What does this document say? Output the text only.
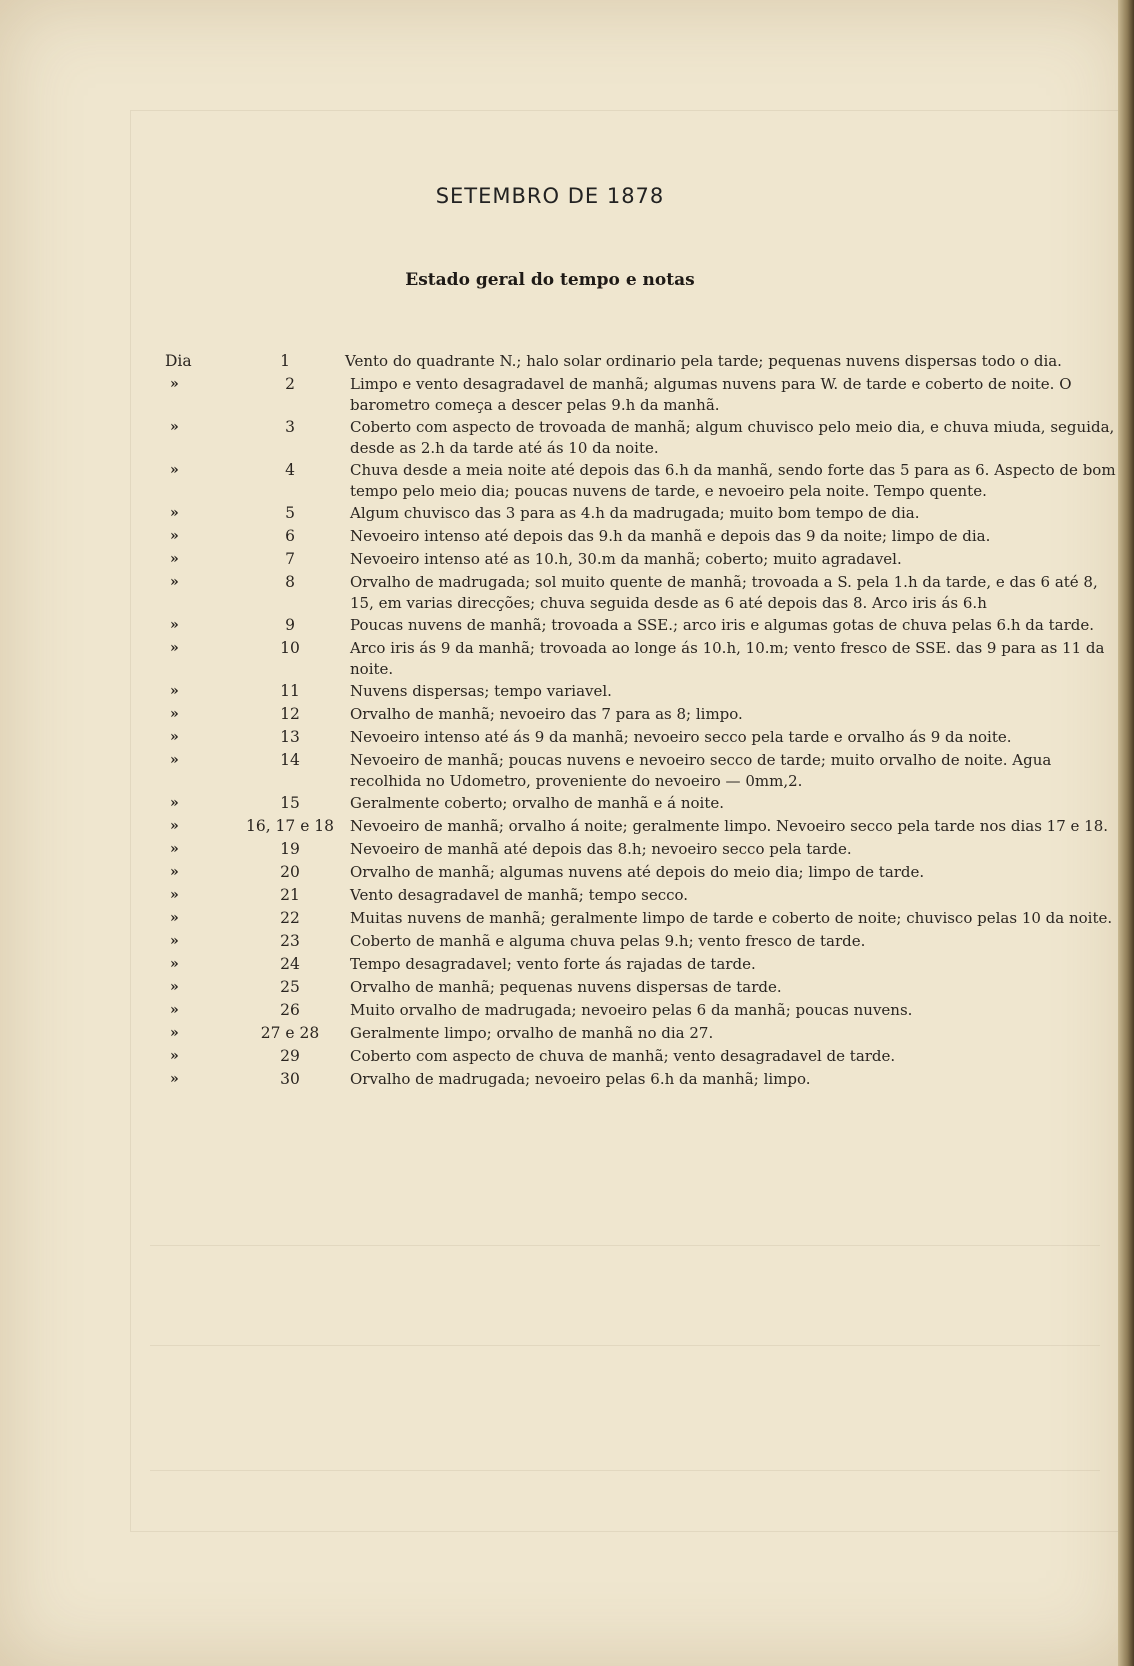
SETEMBRO DE 1878
Estado geral do tempo e notas
Dia	1	Vento do quadrante N.; halo solar ordinario pela tarde; pequenas nuvens dispersas todo o dia.
»	2	Limpo e vento desagradavel de manhã; algumas nuvens para W. de tarde e coberto de noite. O barometro começa a descer pelas 9.h da manhã.
»	3	Coberto com aspecto de trovoada de manhã; algum chuvisco pelo meio dia, e chuva miuda, seguida, desde as 2.h da tarde até ás 10 da noite.
»	4	Chuva desde a meia noite até depois das 6.h da manhã, sendo forte das 5 para as 6. Aspecto de bom tempo pelo meio dia; poucas nuvens de tarde, e nevoeiro pela noite. Tempo quente.
»	5	Algum chuvisco das 3 para as 4.h da madrugada; muito bom tempo de dia.
»	6	Nevoeiro intenso até depois das 9.h da manhã e depois das 9 da noite; limpo de dia.
»	7	Nevoeiro intenso até as 10.h, 30.m da manhã; coberto; muito agradavel.
»	8	Orvalho de madrugada; sol muito quente de manhã; trovoada a S. pela 1.h da tarde, e das 6 até 8, 15, em varias direcções; chuva seguida desde as 6 até depois das 8. Arco iris ás 6.h
»	9	Poucas nuvens de manhã; trovoada a SSE.; arco iris e algumas gotas de chuva pelas 6.h da tarde.
»	10	Arco iris ás 9 da manhã; trovoada ao longe ás 10.h, 10.m; vento fresco de SSE. das 9 para as 11 da noite.
»	11	Nuvens dispersas; tempo variavel.
»	12	Orvalho de manhã; nevoeiro das 7 para as 8; limpo.
»	13	Nevoeiro intenso até ás 9 da manhã; nevoeiro secco pela tarde e orvalho ás 9 da noite.
»	14	Nevoeiro de manhã; poucas nuvens e nevoeiro secco de tarde; muito orvalho de noite. Agua recolhida no Udometro, proveniente do nevoeiro — 0mm,2.
»	15	Geralmente coberto; orvalho de manhã e á noite.
»	16, 17 e 18	Nevoeiro de manhã; orvalho á noite; geralmente limpo. Nevoeiro secco pela tarde nos dias 17 e 18.
»	19	Nevoeiro de manhã até depois das 8.h; nevoeiro secco pela tarde.
»	20	Orvalho de manhã; algumas nuvens até depois do meio dia; limpo de tarde.
»	21	Vento desagradavel de manhã; tempo secco.
»	22	Muitas nuvens de manhã; geralmente limpo de tarde e coberto de noite; chuvisco pelas 10 da noite.
»	23	Coberto de manhã e alguma chuva pelas 9.h; vento fresco de tarde.
»	24	Tempo desagradavel; vento forte ás rajadas de tarde.
»	25	Orvalho de manhã; pequenas nuvens dispersas de tarde.
»	26	Muito orvalho de madrugada; nevoeiro pelas 6 da manhã; poucas nuvens.
»	27 e 28	Geralmente limpo; orvalho de manhã no dia 27.
»	29	Coberto com aspecto de chuva de manhã; vento desagradavel de tarde.
»	30	Orvalho de madrugada; nevoeiro pelas 6.h da manhã; limpo.
